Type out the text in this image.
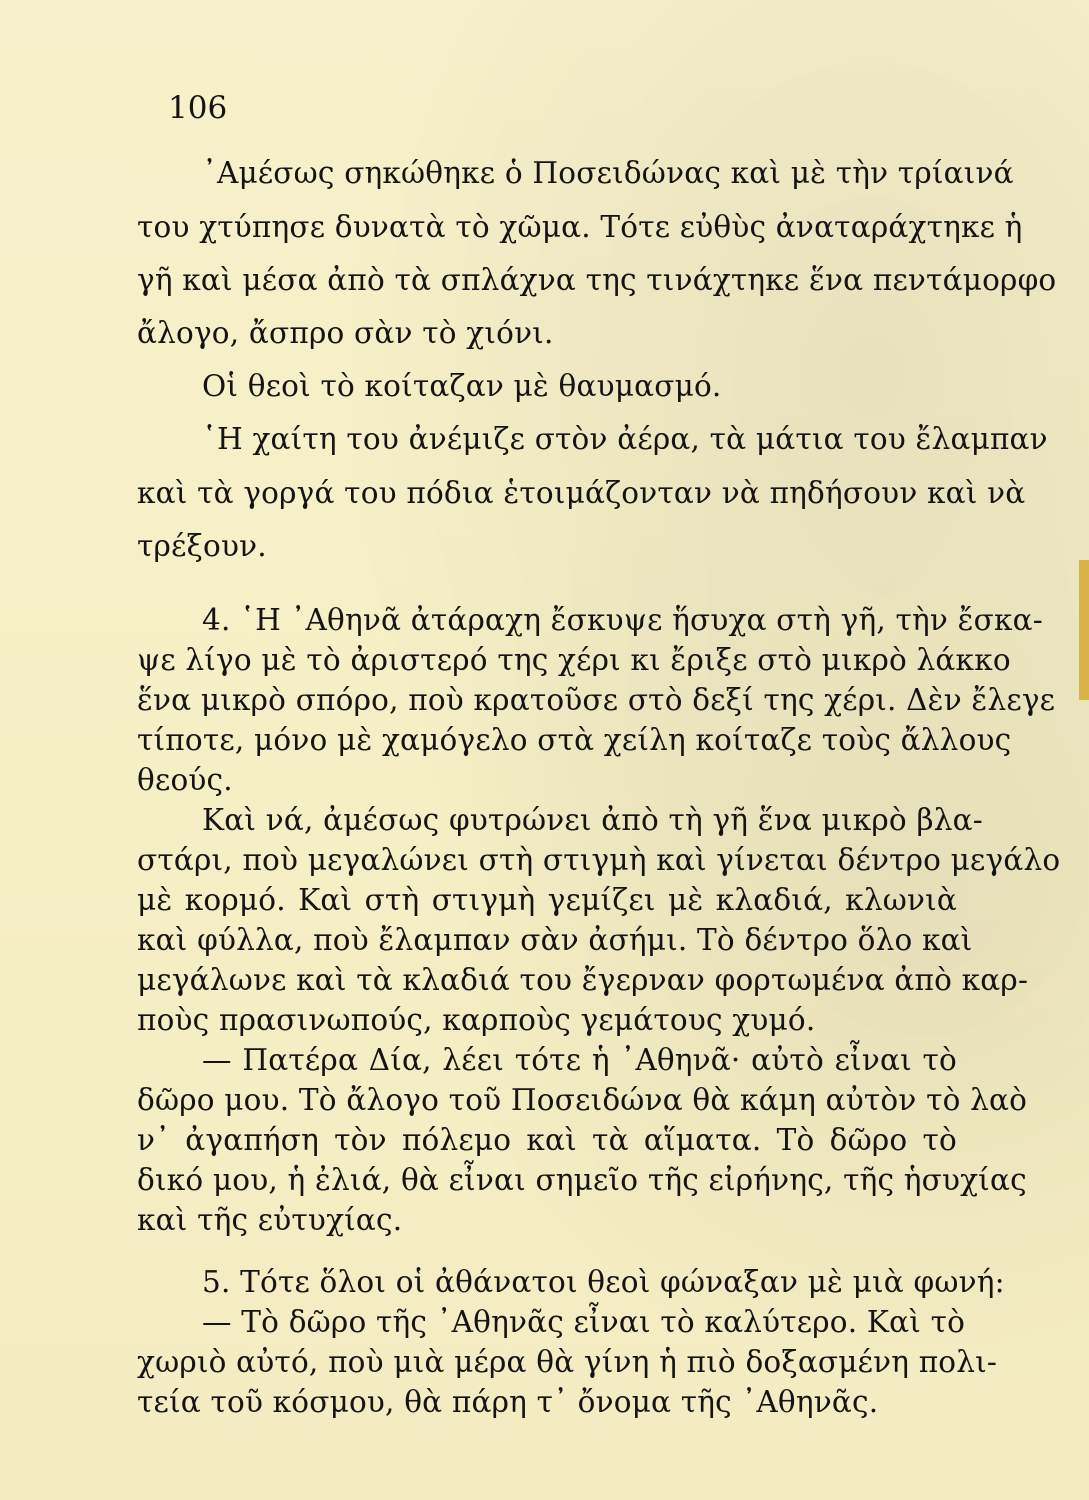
106
᾿Αμέσως σηκώθηκε ὁ Ποσειδώνας καὶ μὲ τὴν τρίαινά
του χτύπησε δυνατὰ τὸ χῶμα. Τότε εὐθὺς ἀναταράχτηκε ἡ
γῆ καὶ μέσα ἀπὸ τὰ σπλάχνα της τινάχτηκε ἕνα πεντάμορφο
ἄλογο, ἄσπρο σὰν τὸ χιόνι.
Οἱ θεοὶ τὸ κοίταζαν μὲ θαυμασμό.
῾Η χαίτη του ἀνέμιζε στὸν ἀέρα, τὰ μάτια του ἔλαμπαν
καὶ τὰ γοργά του πόδια ἑτοιμάζονταν νὰ πηδήσουν καὶ νὰ
τρέξουν.
4. ῾Η ᾿Αθηνᾶ ἀτάραχη ἔσκυψε ἥσυχα στὴ γῆ, τὴν ἔσκα-
ψε λίγο μὲ τὸ ἀριστερό της χέρι κι ἔριξε στὸ μικρὸ λάκκο
ἕνα μικρὸ σπόρο, ποὺ κρατοῦσε στὸ δεξί της χέρι. Δὲν ἔλεγε
τίποτε, μόνο μὲ χαμόγελο στὰ χείλη κοίταζε τοὺς ἄλλους
θεούς.
Καὶ νά, ἀμέσως φυτρώνει ἀπὸ τὴ γῆ ἕνα μικρὸ βλα-
στάρι, ποὺ μεγαλώνει στὴ στιγμὴ καὶ γίνεται δέντρο μεγάλο
μὲ κορμό. Καὶ στὴ στιγμὴ γεμίζει μὲ κλαδιά, κλωνιὰ
καὶ φύλλα, ποὺ ἔλαμπαν σὰν ἀσήμι. Τὸ δέντρο ὅλο καὶ
μεγάλωνε καὶ τὰ κλαδιά του ἔγερναν φορτωμένα ἀπὸ καρ-
ποὺς πρασινωπούς, καρποὺς γεμάτους χυμό.
— Πατέρα Δία, λέει τότε ἡ ᾿Αθηνᾶ· αὐτὸ εἶναι τὸ
δῶρο μου. Τὸ ἄλογο τοῦ Ποσειδώνα θὰ κάμη αὐτὸν τὸ λαὸ
ν᾿ ἀγαπήση τὸν πόλεμο καὶ τὰ αἵματα. Τὸ δῶρο τὸ
δικό μου, ἡ ἐλιά, θὰ εἶναι σημεῖο τῆς εἰρήνης, τῆς ἡσυχίας
καὶ τῆς εὐτυχίας.
5. Τότε ὅλοι οἱ ἀθάνατοι θεοὶ φώναξαν μὲ μιὰ φωνή:
— Τὸ δῶρο τῆς ᾿Αθηνᾶς εἶναι τὸ καλύτερο. Καὶ τὸ
χωριὸ αὐτό, ποὺ μιὰ μέρα θὰ γίνη ἡ πιὸ δοξασμένη πολι-
τεία τοῦ κόσμου, θὰ πάρη τ᾿ ὄνομα τῆς ᾿Αθηνᾶς.
